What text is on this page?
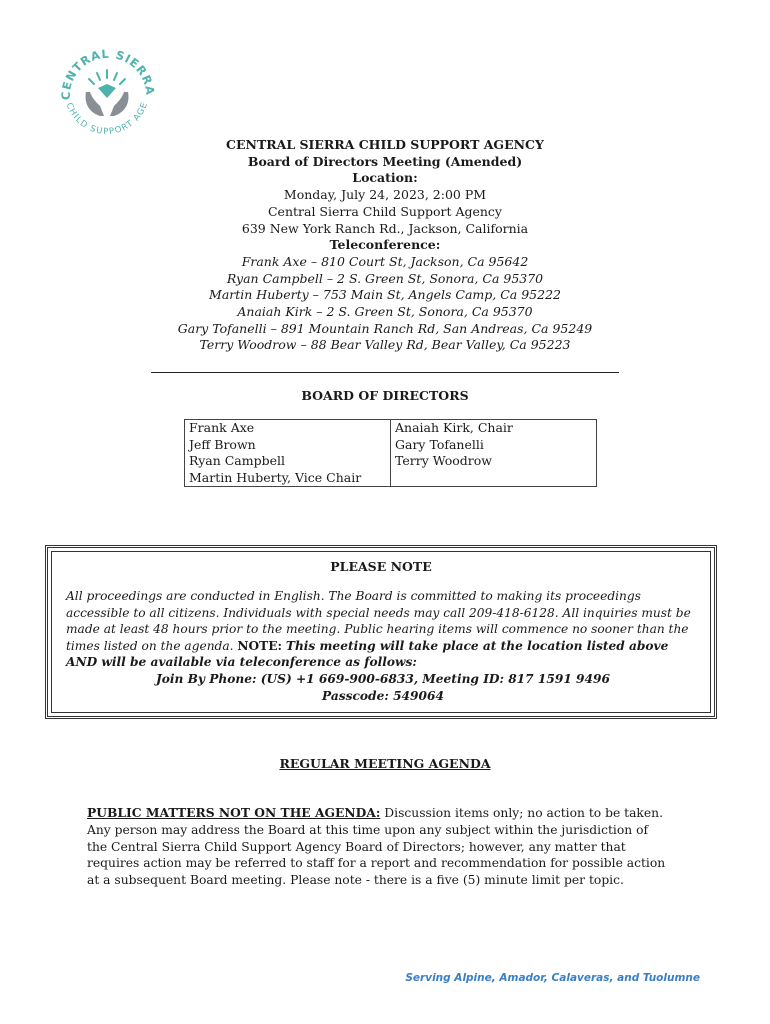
CENTRAL SIERRA
CHILD SUPPORT AGE
CENTRAL SIERRA CHILD SUPPORT AGENCY
Board of Directors Meeting (Amended)
Location:
Monday, July 24, 2023, 2:00 PM
Central Sierra Child Support Agency
639 New York Ranch Rd., Jackson, California
Teleconference:
Frank Axe – 810 Court St, Jackson, Ca 95642
Ryan Campbell – 2 S. Green St, Sonora, Ca 95370
Martin Huberty – 753 Main St, Angels Camp, Ca 95222
Anaiah Kirk – 2 S. Green St, Sonora, Ca 95370
Gary Tofanelli – 891 Mountain Ranch Rd, San Andreas, Ca 95249
Terry Woodrow – 88 Bear Valley Rd, Bear Valley, Ca 95223
BOARD OF DIRECTORS
Frank Axe	Anaiah Kirk, Chair
Jeff Brown	Gary Tofanelli
Ryan Campbell	Terry Woodrow
Martin Huberty, Vice Chair	
PLEASE NOTE
All proceedings are conducted in English. The Board is committed to making its proceedings accessible to all citizens. Individuals with special needs may call 209-418-6128. All inquiries must be made at least 48 hours prior to the meeting. Public hearing items will commence no sooner than the times listed on the agenda. NOTE: This meeting will take place at the location listed above AND will be available via teleconference as follows:
Join By Phone: (US) +1 669-900-6833, Meeting ID: 817 1591 9496
Passcode: 549064
REGULAR MEETING AGENDA
PUBLIC MATTERS NOT ON THE AGENDA: Discussion items only; no action to be taken. Any person may address the Board at this time upon any subject within the jurisdiction of the Central Sierra Child Support Agency Board of Directors; however, any matter that requires action may be referred to staff for a report and recommendation for possible action at a subsequent Board meeting. Please note - there is a five (5) minute limit per topic.
Serving Alpine, Amador, Calaveras, and Tuolumne
